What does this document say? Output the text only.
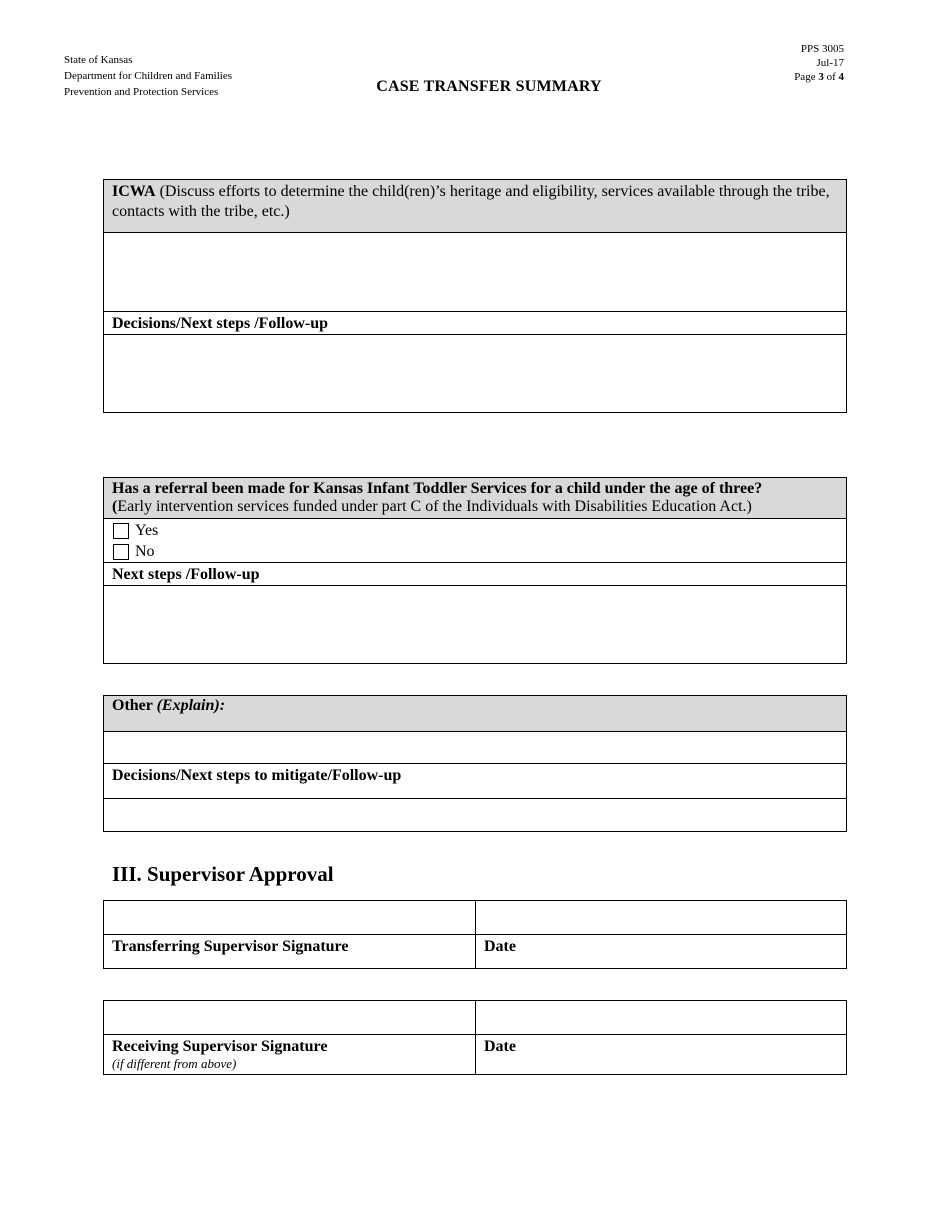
State of Kansas
Department for Children and Families
Prevention and Protection Services	CASE TRANSFER SUMMARY
PPS 3005
Jul-17
Page 3 of 4
ICWA (Discuss efforts to determine the child(ren)’s heritage and eligibility, services available through the tribe, contacts with the tribe, etc.)
Decisions/Next steps /Follow-up
Has a referral been made for Kansas Infant Toddler Services for a child under the age of three?
(Early intervention services funded under part C of the Individuals with Disabilities Education Act.)
Yes
No
Next steps /Follow-up
Other (Explain):
Decisions/Next steps to mitigate/Follow-up
III. Supervisor Approval
Transferring Supervisor Signature	Date
Receiving Supervisor Signature
(if different from above)
Date
